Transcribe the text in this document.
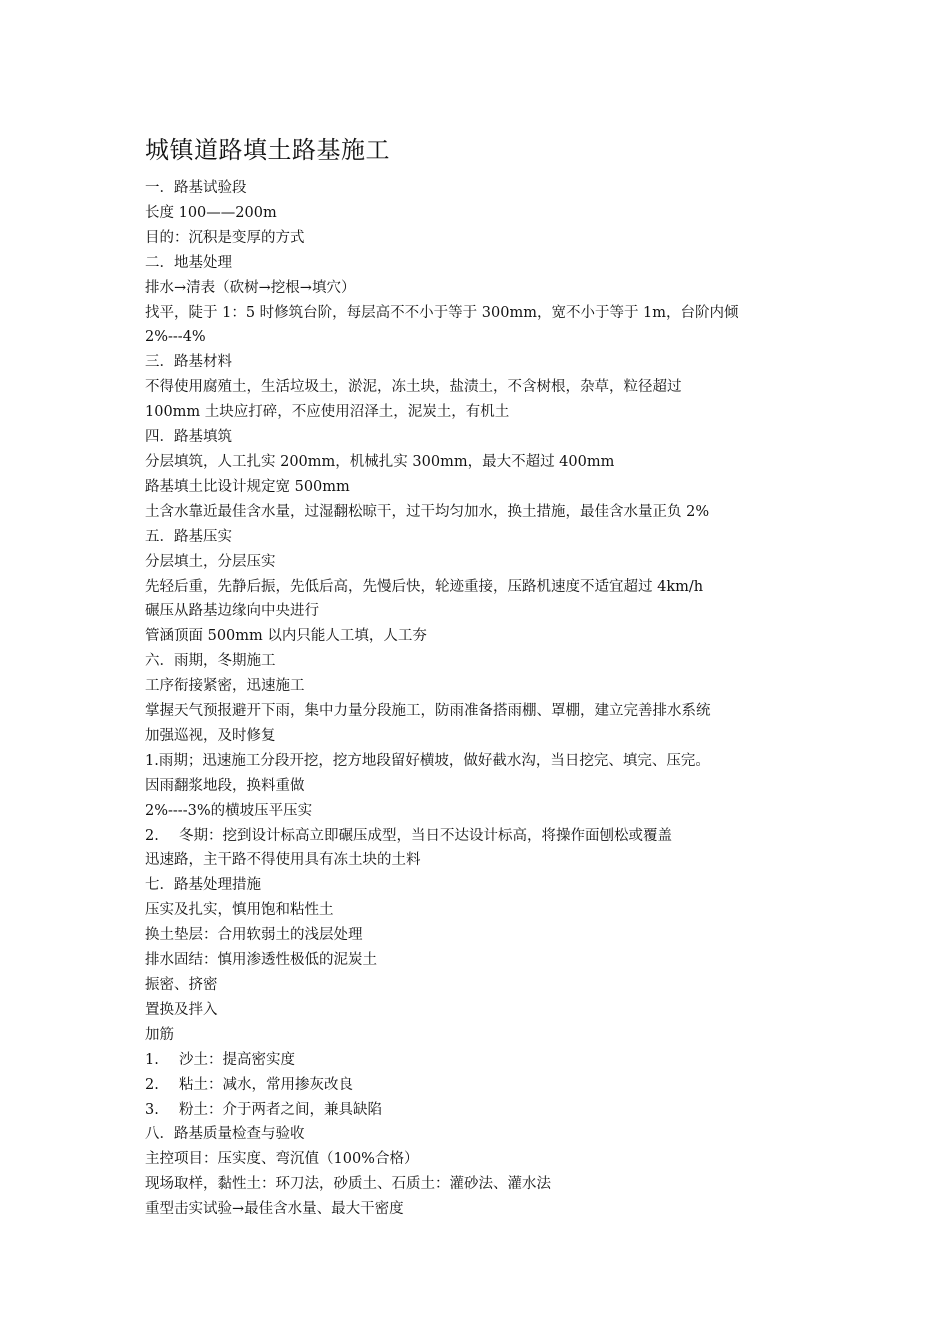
城镇道路填土路基施工
一．路基试验段
长度 100——200m
目的：沉积是变厚的方式
二．地基处理
排水→清表（砍树→挖根→填穴）
找平，陡于 1：5 时修筑台阶，每层高不不小于等于 300mm，宽不小于等于 1m，台阶内倾
2%---4%
三．路基材料
不得使用腐殖土，生活垃圾土，淤泥，冻土块，盐渍土，不含树根，杂草，粒径超过
100mm 土块应打碎，不应使用沼泽土，泥炭土，有机土
四．路基填筑
分层填筑，人工扎实 200mm，机械扎实 300mm，最大不超过 400mm
路基填土比设计规定宽 500mm
土含水靠近最佳含水量，过湿翻松晾干，过干均匀加水，换土措施，最佳含水量正负 2%
五．路基压实
分层填土，分层压实
先轻后重，先静后振，先低后高，先慢后快，轮迹重接，压路机速度不适宜超过 4km/h
碾压从路基边缘向中央进行
管涵顶面 500mm 以内只能人工填，人工夯
六．雨期，冬期施工
工序衔接紧密，迅速施工
掌握天气预报避开下雨，集中力量分段施工，防雨准备搭雨棚、罩棚，建立完善排水系统
加强巡视，及时修复
1.雨期；迅速施工分段开挖，挖方地段留好横坡，做好截水沟，当日挖完、填完、压完。
因雨翻浆地段，换料重做
2%----3%的横坡压平压实
2. 冬期：挖到设计标高立即碾压成型，当日不达设计标高，将操作面刨松或覆盖
迅速路，主干路不得使用具有冻土块的土料
七．路基处理措施
压实及扎实，慎用饱和粘性土
换土垫层：合用软弱土的浅层处理
排水固结：慎用渗透性极低的泥炭土
振密、挤密
置换及拌入
加筋
1. 沙土：提高密实度
2. 粘土：减水，常用掺灰改良
3. 粉土：介于两者之间，兼具缺陷
八．路基质量检查与验收
主控项目：压实度、弯沉值（100%合格）
现场取样，黏性土：环刀法，砂质土、石质土：灌砂法、灌水法
重型击实试验→最佳含水量、最大干密度
